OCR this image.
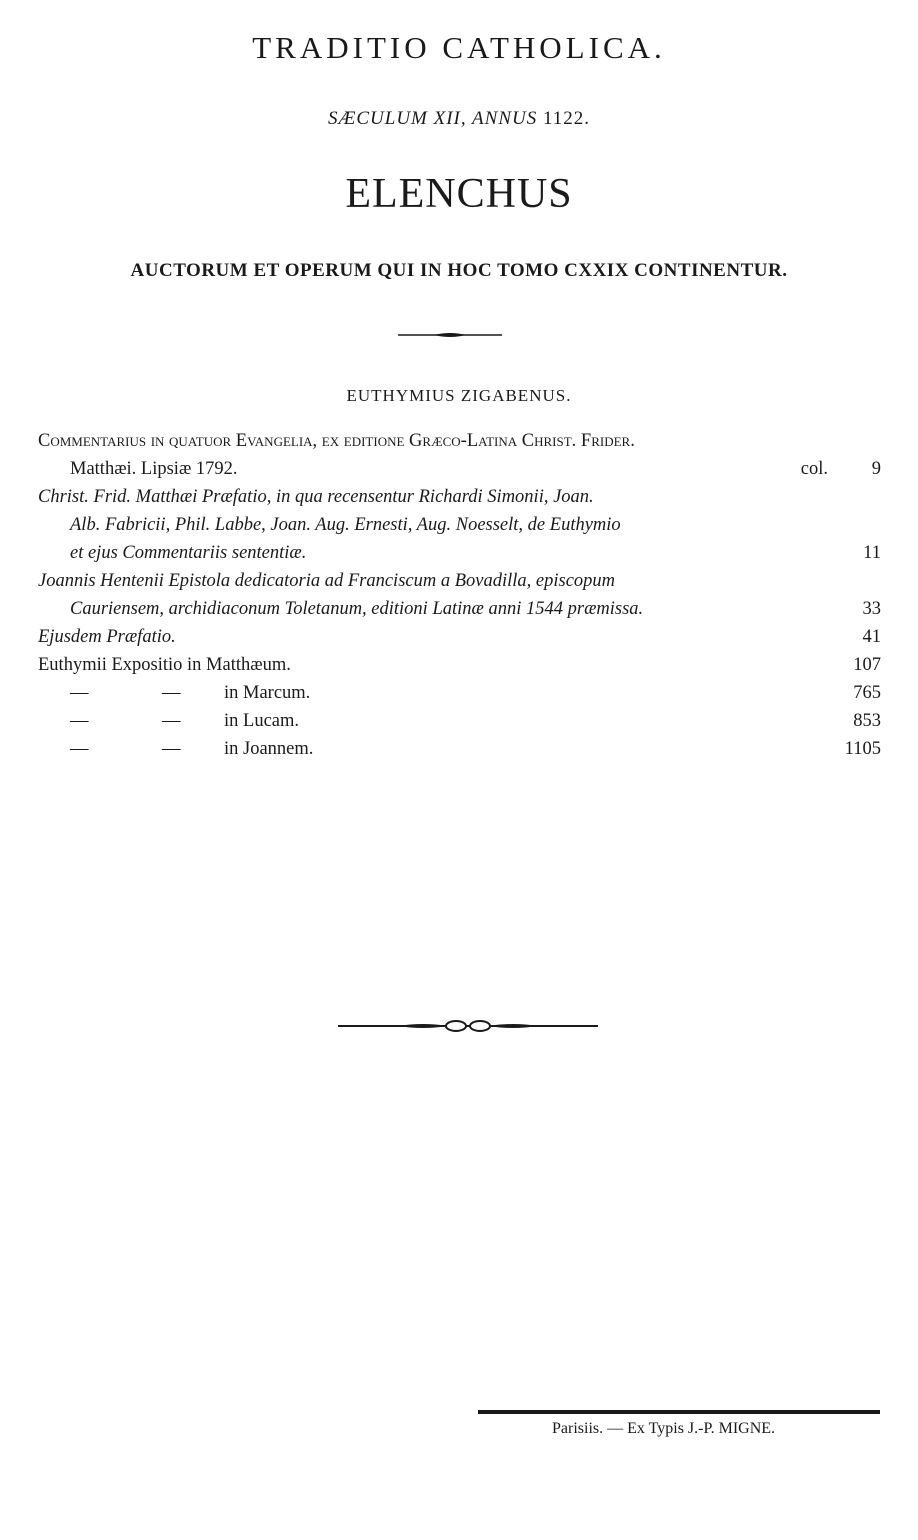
TRADITIO CATHOLICA.
SÆCULUM XII, ANNUS 1122.
ELENCHUS
AUCTORUM ET OPERUM QUI IN HOC TOMO CXXIX CONTINENTUR.
EUTHYMIUS ZIGABENUS.
Commentarius in quatuor Evangelia, ex editione Græco-Latina Christ. Frider.
Matthæi. Lipsiæ 1792.	col. 9
Christ. Frid. Matthæi Præfatio, in qua recensentur Richardi Simonii, Joan.
Alb. Fabricii, Phil. Labbe, Joan. Aug. Ernesti, Aug. Noesselt, de Euthymio
et ejus Commentariis sententiæ.	11
Joannis Hentenii Epistola dedicatoria ad Franciscum a Bovadilla, episcopum
Cauriensem, archidiaconum Toletanum, editioni Latinæ anni 1544 præmissa.	33
Ejusdem Præfatio.	41
Euthymii Expositio in Matthæum.	107
—	— in Marcum.	765
—	— in Lucam.	853
—	— in Joannem.	1105
Parisiis. — Ex Typis J.-P. MIGNE.
